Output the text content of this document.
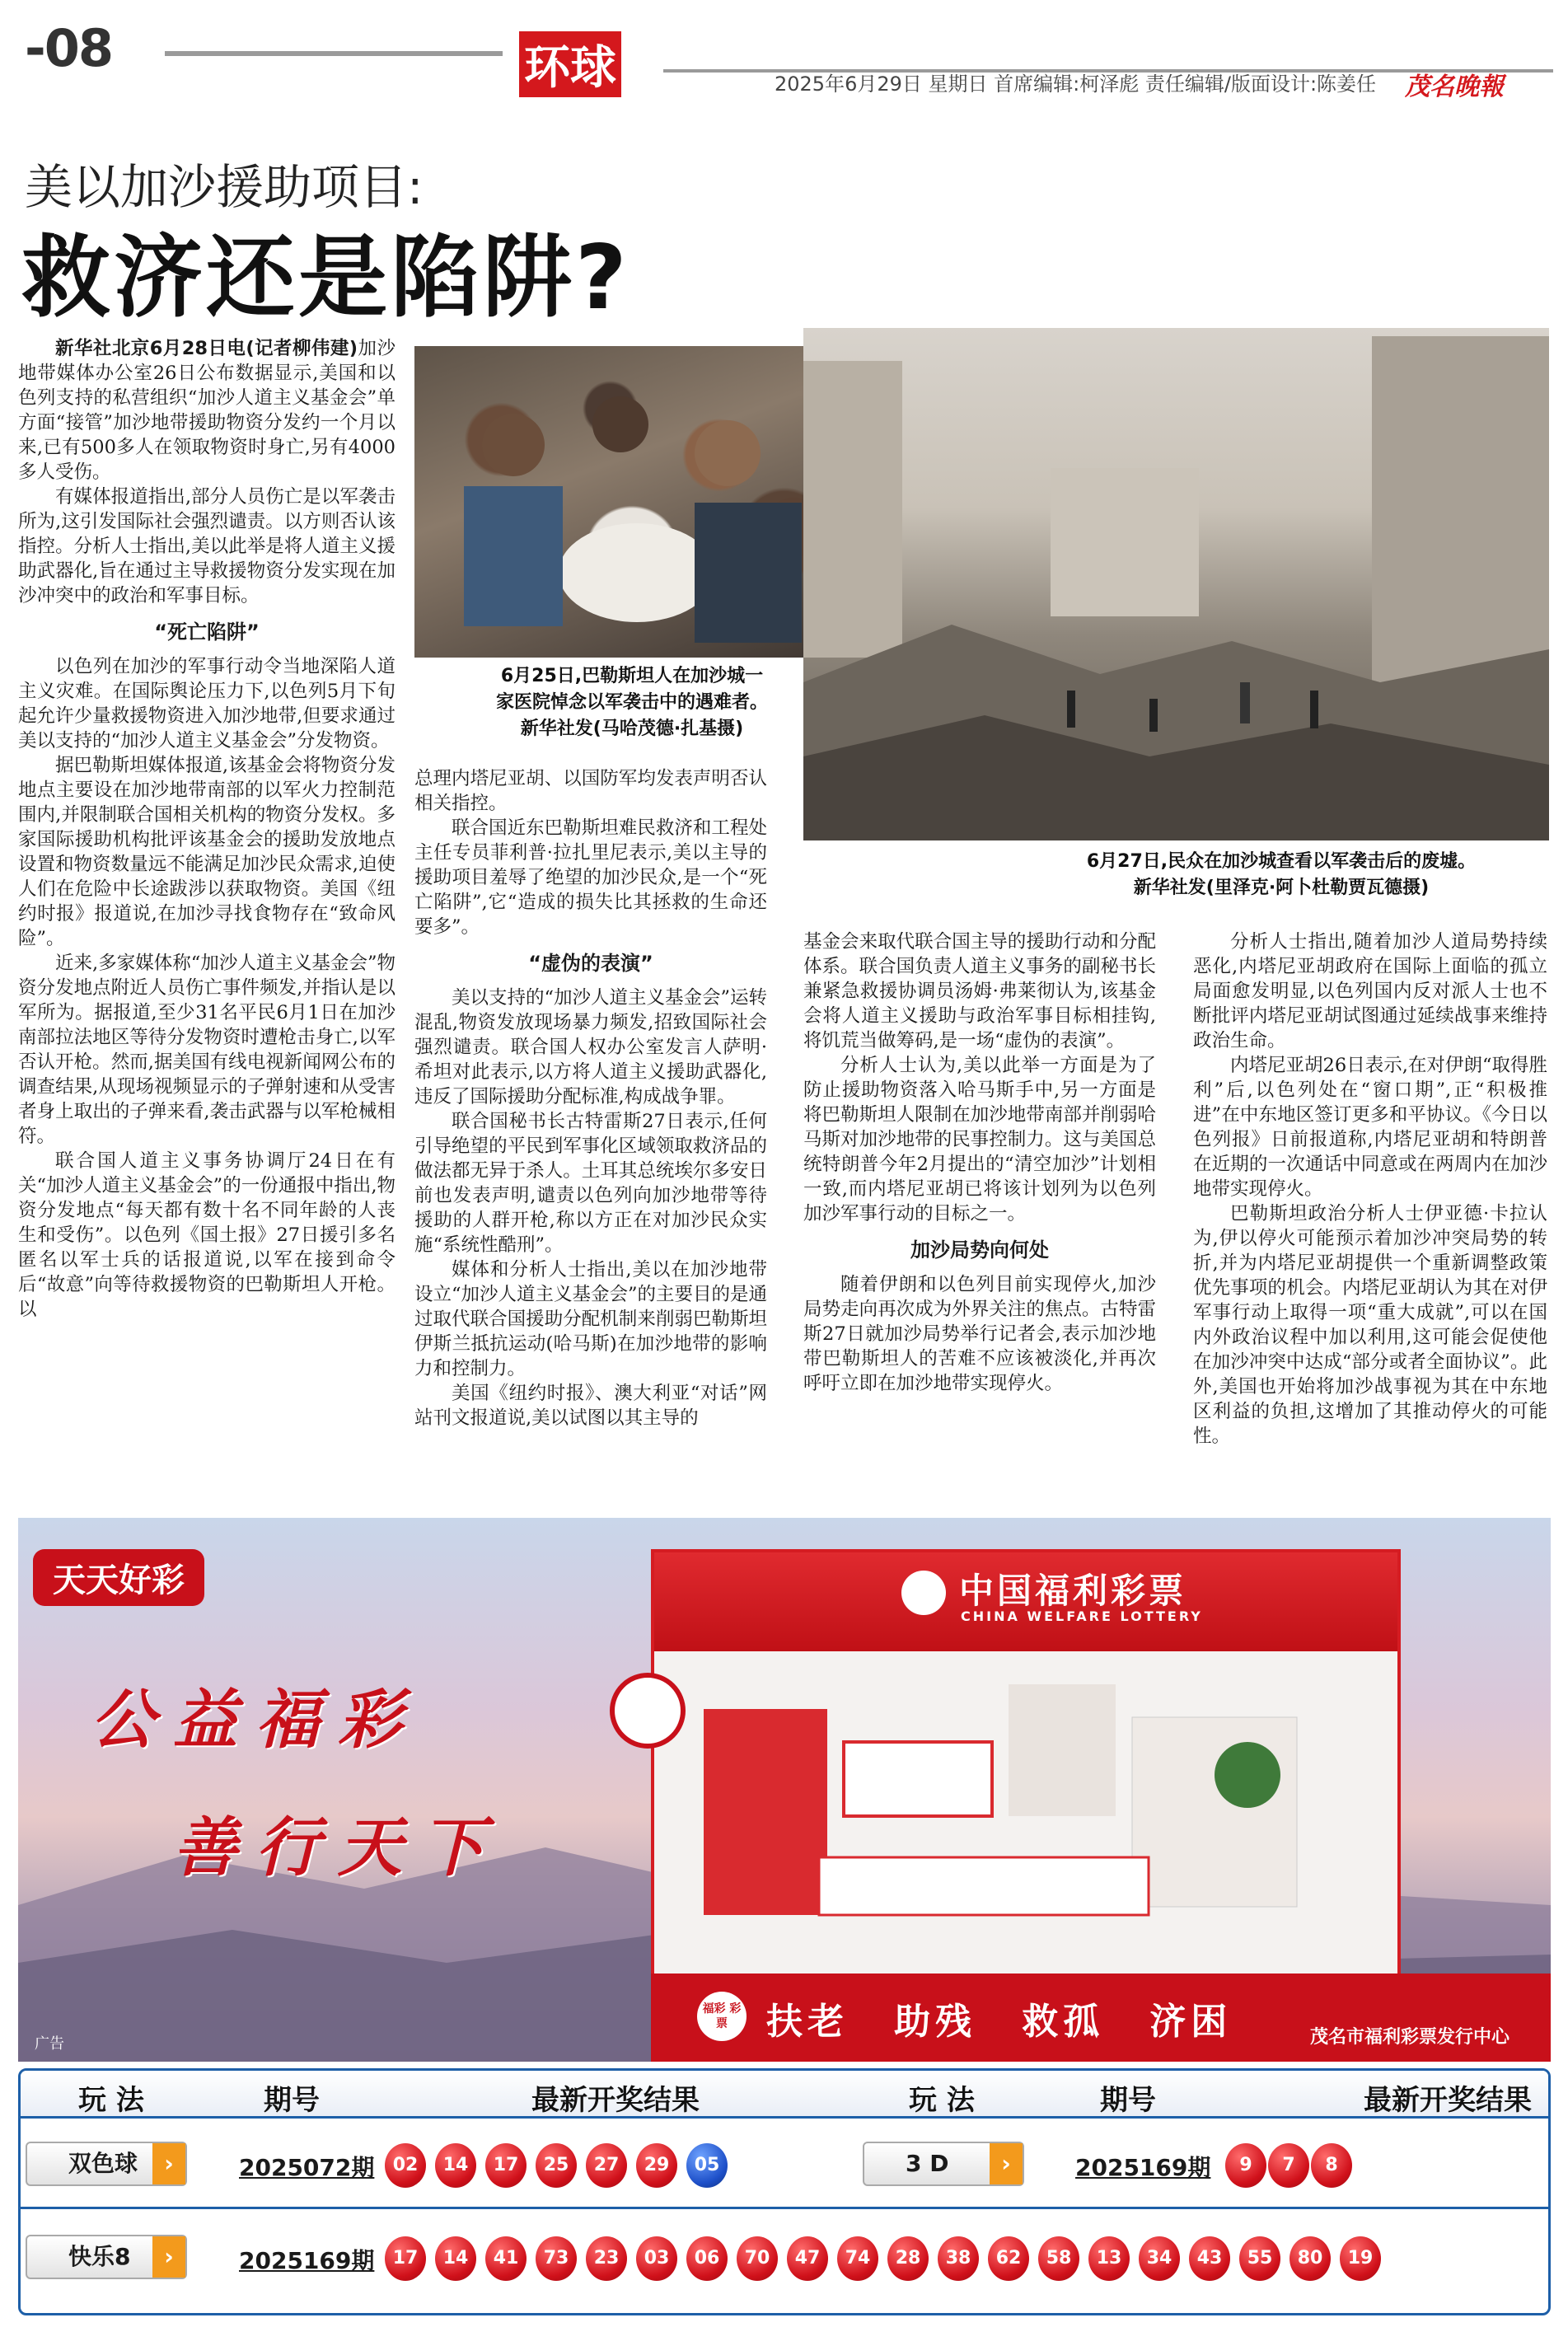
-08	环球	2025年6月29日 星期日 首席编辑:柯泽彪 责任编辑/版面设计:陈姜任 茂名晚報
美以加沙援助项目:
救济还是陷阱?
6月25日,巴勒斯坦人在加沙城一
家医院悼念以军袭击中的遇难者。
新华社发(马哈茂德·扎基摄)
6月27日,民众在加沙城查看以军袭击后的废墟。
新华社发(里泽克·阿卜杜勒贾瓦德摄)

新华社北京6月28日电(记者柳伟建)加沙地带媒体办公室26日公布数据显示,美国和以色列支持的私营组织“加沙人道主义基金会”单方面“接管”加沙地带援助物资分发约一个月以来,已有500多人在领取物资时身亡,另有4000多人受伤。

有媒体报道指出,部分人员伤亡是以军袭击所为,这引发国际社会强烈谴责。以方则否认该指控。分析人士指出,美以此举是将人道主义援助武器化,旨在通过主导救援物资分发实现在加沙冲突中的政治和军事目标。

“死亡陷阱”

以色列在加沙的军事行动令当地深陷人道主义灾难。在国际舆论压力下,以色列5月下旬起允许少量救援物资进入加沙地带,但要求通过美以支持的“加沙人道主义基金会”分发物资。

据巴勒斯坦媒体报道,该基金会将物资分发地点主要设在加沙地带南部的以军火力控制范围内,并限制联合国相关机构的物资分发权。多家国际援助机构批评该基金会的援助发放地点设置和物资数量远不能满足加沙民众需求,迫使人们在危险中长途跋涉以获取物资。美国《纽约时报》报道说,在加沙寻找食物存在“致命风险”。

近来,多家媒体称“加沙人道主义基金会”物资分发地点附近人员伤亡事件频发,并指认是以军所为。据报道,至少31名平民6月1日在加沙南部拉法地区等待分发物资时遭枪击身亡,以军否认开枪。然而,据美国有线电视新闻网公布的调查结果,从现场视频显示的子弹射速和从受害者身上取出的子弹来看,袭击武器与以军枪械相符。

联合国人道主义事务协调厅24日在有关“加沙人道主义基金会”的一份通报中指出,物资分发地点“每天都有数十名不同年龄的人丧生和受伤”。以色列《国土报》27日援引多名匿名以军士兵的话报道说,以军在接到命令后“故意”向等待救援物资的巴勒斯坦人开枪。以

总理内塔尼亚胡、以国防军均发表声明否认相关指控。

联合国近东巴勒斯坦难民救济和工程处主任专员菲利普·拉扎里尼表示,美以主导的援助项目羞辱了绝望的加沙民众,是一个“死亡陷阱”,它“造成的损失比其拯救的生命还要多”。

“虚伪的表演”

美以支持的“加沙人道主义基金会”运转混乱,物资发放现场暴力频发,招致国际社会强烈谴责。联合国人权办公室发言人萨明·希坦对此表示,以方将人道主义援助武器化,违反了国际援助分配标准,构成战争罪。

联合国秘书长古特雷斯27日表示,任何引导绝望的平民到军事化区域领取救济品的做法都无异于杀人。土耳其总统埃尔多安日前也发表声明,谴责以色列向加沙地带等待援助的人群开枪,称以方正在对加沙民众实施“系统性酷刑”。

媒体和分析人士指出,美以在加沙地带设立“加沙人道主义基金会”的主要目的是通过取代联合国援助分配机制来削弱巴勒斯坦伊斯兰抵抗运动(哈马斯)在加沙地带的影响力和控制力。

美国《纽约时报》、澳大利亚“对话”网站刊文报道说,美以试图以其主导的

基金会来取代联合国主导的援助行动和分配体系。联合国负责人道主义事务的副秘书长兼紧急救援协调员汤姆·弗莱彻认为,该基金会将人道主义援助与政治军事目标相挂钩,将饥荒当做筹码,是一场“虚伪的表演”。

分析人士认为,美以此举一方面是为了防止援助物资落入哈马斯手中,另一方面是将巴勒斯坦人限制在加沙地带南部并削弱哈马斯对加沙地带的民事控制力。这与美国总统特朗普今年2月提出的“清空加沙”计划相一致,而内塔尼亚胡已将该计划列为以色列加沙军事行动的目标之一。

加沙局势向何处

随着伊朗和以色列目前实现停火,加沙局势走向再次成为外界关注的焦点。古特雷斯27日就加沙局势举行记者会,表示加沙地带巴勒斯坦人的苦难不应该被淡化,并再次呼吁立即在加沙地带实现停火。

分析人士指出,随着加沙人道局势持续恶化,内塔尼亚胡政府在国际上面临的孤立局面愈发明显,以色列国内反对派人士也不断批评内塔尼亚胡试图通过延续战事来维持政治生命。

内塔尼亚胡26日表示,在对伊朗“取得胜利”后,以色列处在“窗口期”,正“积极推进”在中东地区签订更多和平协议。《今日以色列报》日前报道称,内塔尼亚胡和特朗普在近期的一次通话中同意或在两周内在加沙地带实现停火。

巴勒斯坦政治分析人士伊亚德·卡拉认为,伊以停火可能预示着加沙冲突局势的转折,并为内塔尼亚胡提供一个重新调整政策优先事项的机会。内塔尼亚胡认为其在对伊军事行动上取得一项“重大成就”,可以在国内外政治议程中加以利用,这可能会促使他在加沙冲突中达成“部分或者全面协议”。此外,美国也开始将加沙战事视为其在中东地区利益的负担,这增加了其推动停火的可能性。

天天好彩
公益福彩
善行天下
中国福利彩票
CHINA WELFARE LOTTERY
福彩 彩票	扶老 助残 救孤 济困	茂名市福利彩票发行中心
广告
玩 法	期号	最新开奖结果	玩 法	期号	最新开奖结果
双色球	›	2025072期	02	14	17	25	27	29	05	3 D	›	2025169期	9	7	8
快乐8	›	2025169期	17	14	41	73	23	03	06	70	47	74	28	38	62	58	13	34	43	55	80	19
